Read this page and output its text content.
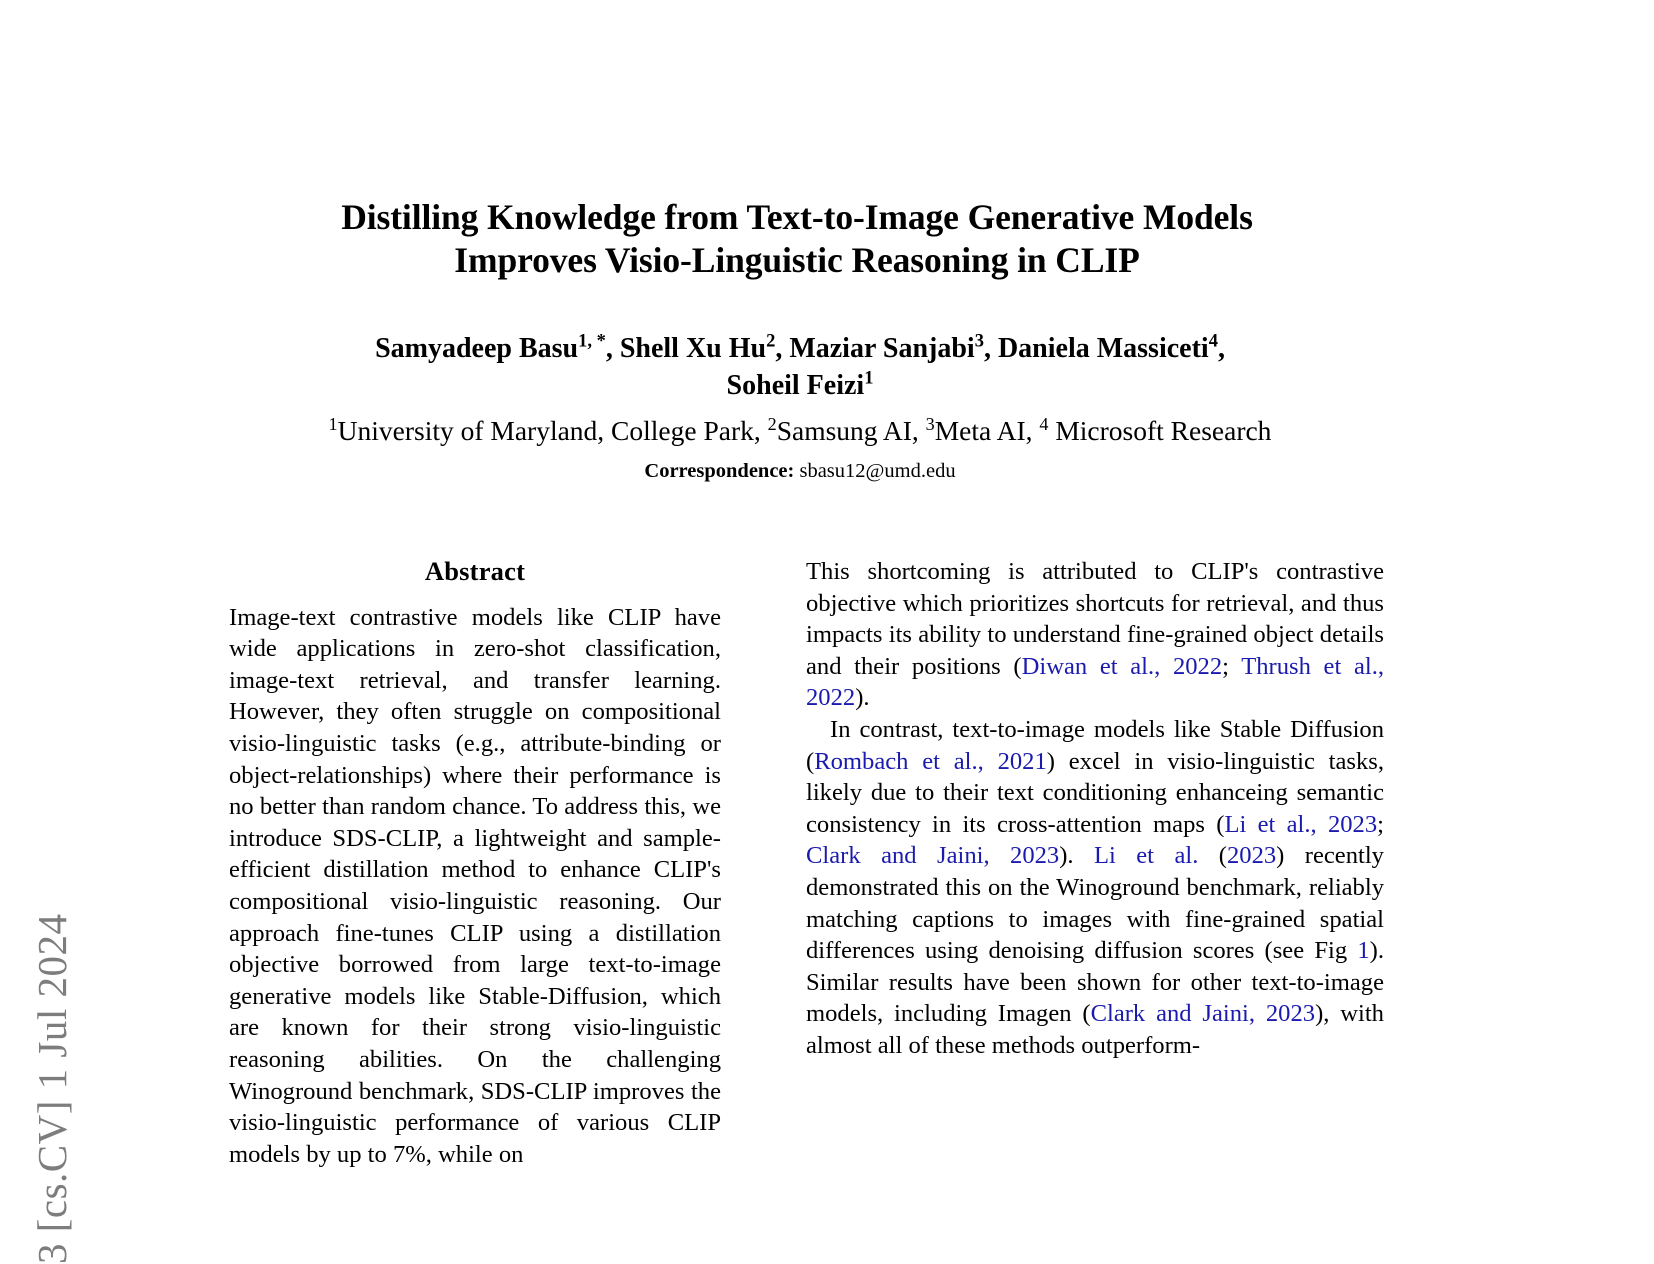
3 [cs.CV] 1 Jul 2024
Distilling Knowledge from Text-to-Image Generative Models
Improves Visio-Linguistic Reasoning in CLIP
Samyadeep Basu$^{1, *}$, Shell Xu Hu$^2$, Maziar Sanjabi$^3$, Daniela Massiceti$^4$,
Soheil Feizi$^1$
$^1$University of Maryland, College Park, $^2$Samsung AI, $^3$Meta AI, $^4$ Microsoft Research
Correspondence: sbasu12@umd.edu
Abstract

Image-text contrastive models like CLIP have wide applications in zero-shot classification, image-text retrieval, and transfer learning. However, they often struggle on compositional visio-linguistic tasks (e.g., attribute-binding or object-relationships) where their performance is no better than random chance. To address this, we introduce SDS-CLIP, a lightweight and sample-efficient distillation method to enhance CLIP's compositional visio-linguistic reasoning. Our approach fine-tunes CLIP using a distillation objective borrowed from large text-to-image generative models like Stable-Diffusion, which are known for their strong visio-linguistic reasoning abilities. On the challenging Winoground benchmark, SDS-CLIP improves the visio-linguistic performance of various CLIP models by up to 7%, while on

This shortcoming is attributed to CLIP's contrastive objective which prioritizes shortcuts for retrieval, and thus impacts its ability to understand fine-grained object details and their positions (Diwan et al., 2022; Thrush et al., 2022).

In contrast, text-to-image models like Stable Diffusion (Rombach et al., 2021) excel in visio-linguistic tasks, likely due to their text conditioning enhanceing semantic consistency in its cross-attention maps (Li et al., 2023; Clark and Jaini, 2023). Li et al. (2023) recently demonstrated this on the Winoground benchmark, reliably matching captions to images with fine-grained spatial differences using denoising diffusion scores (see Fig 1). Similar results have been shown for other text-to-image models, including Imagen (Clark and Jaini, 2023), with almost all of these methods outperform-
